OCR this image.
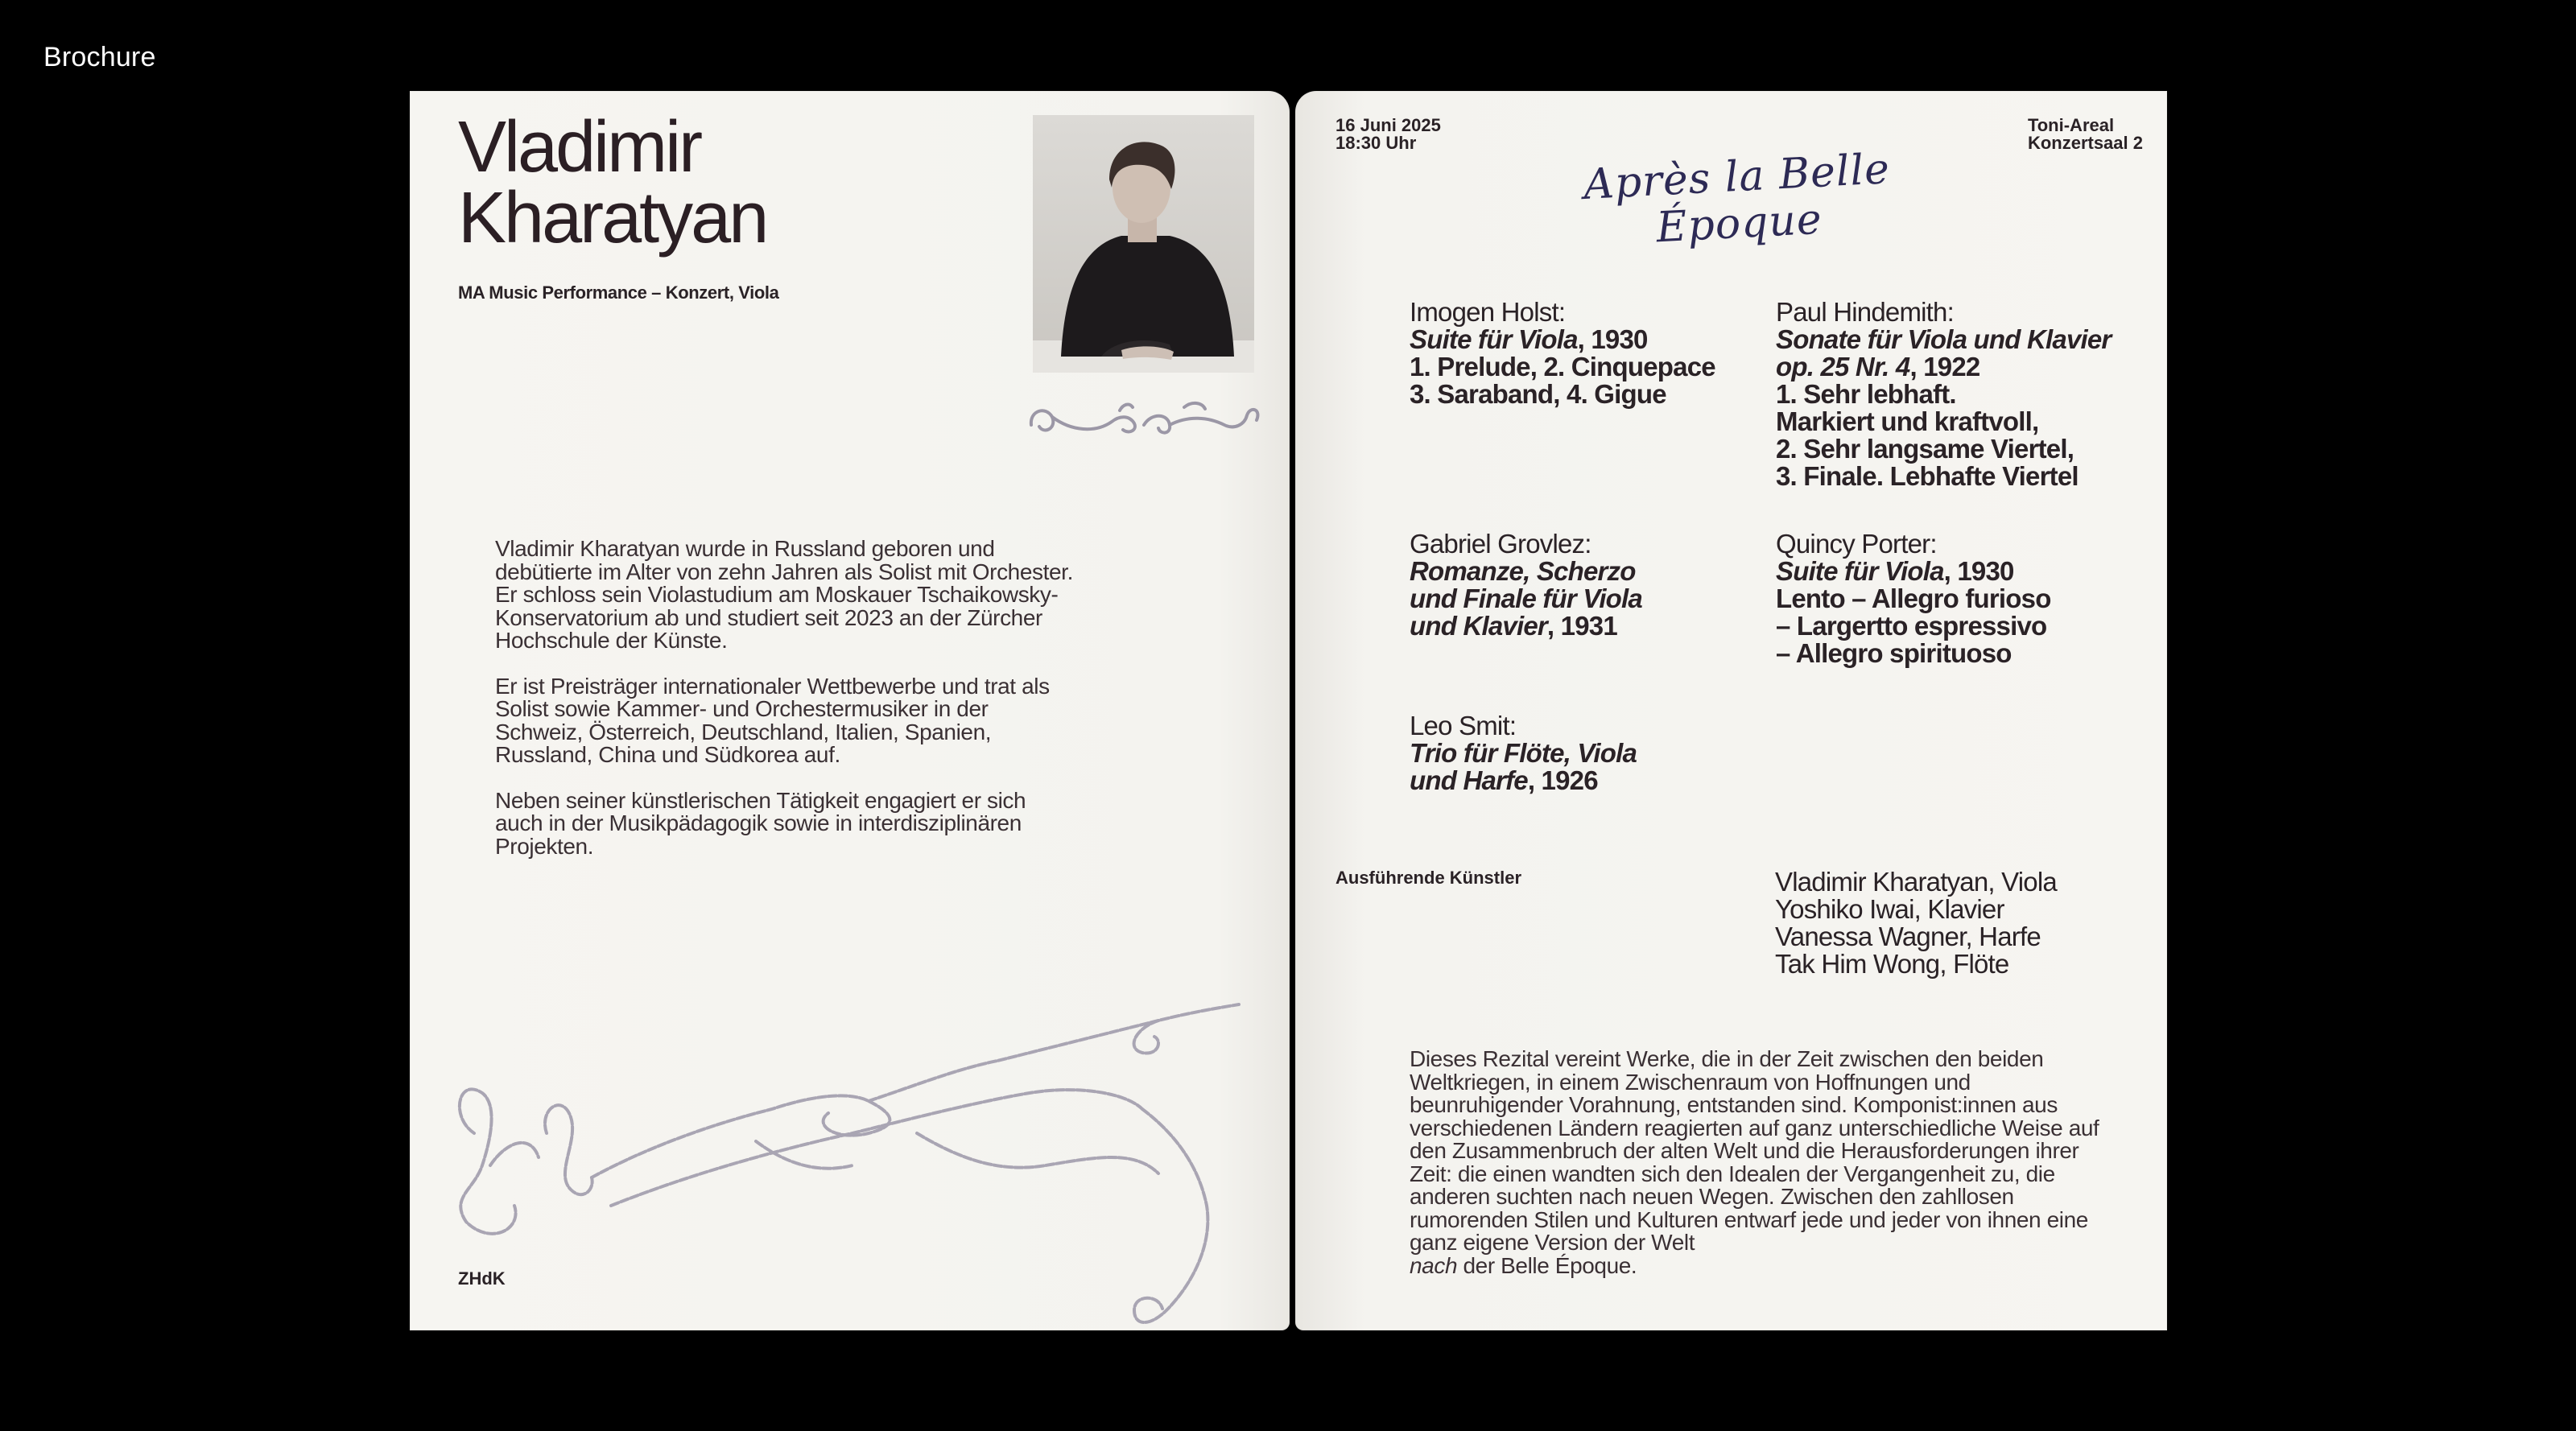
Brochure
Vladimir
Kharatyan
MA Music Performance – Konzert, Viola

Vladimir Kharatyan wurde in Russland geboren und debütierte im Alter von zehn Jahren als Solist mit Orchester. Er schloss sein Violastudium am Moskauer Tschaikowsky-Konservatorium ab und studiert seit 2023 an der Zürcher Hochschule der Künste.

Er ist Preisträger internationaler Wettbewerbe und trat als Solist sowie Kammer- und Orchestermusiker in der Schweiz, Österreich, Deutschland, Italien, Spanien, Russland, China und Südkorea auf.

Neben seiner künstlerischen Tätigkeit engagiert er sich auch in der Musikpädagogik sowie in interdisziplinären Projekten.

ZHdK
16 Juni 2025
18:30 Uhr
Toni-Areal
Konzertsaal 2
Après la Belle
Époque
Imogen Holst:
Suite für Viola, 1930
1. Prelude, 2. Cinquepace
3. Saraband, 4. Gigue
Paul Hindemith:
Sonate für Viola und Klavier op. 25 Nr. 4, 1922
1. Sehr lebhaft.
Markiert und kraftvoll,
2. Sehr langsame Viertel,
3. Finale. Lebhafte Viertel
Gabriel Grovlez:
Romanze, Scherzo und Finale für Viola und Klavier, 1931
Quincy Porter:
Suite für Viola, 1930
Lento – Allegro furioso
– Largertto espressivo
– Allegro spirituoso
Leo Smit:
Trio für Flöte, Viola und Harfe, 1926
Ausführende Künstler	Vladimir Kharatyan, Viola
Yoshiko Iwai, Klavier
Vanessa Wagner, Harfe
Tak Him Wong, Flöte
Dieses Rezital vereint Werke, die in der Zeit zwischen den beiden Weltkriegen, in einem Zwischenraum von Hoffnungen und beunruhigender Vorahnung, entstanden sind. Komponist:innen aus verschiedenen Ländern reagierten auf ganz unterschiedliche Weise auf den Zusammenbruch der alten Welt und die Herausforderungen ihrer Zeit: die einen wandten sich den Idealen der Vergangenheit zu, die anderen suchten nach neuen Wegen. Zwischen den zahllosen rumorenden Stilen und Kulturen entwarf jede und jeder von ihnen eine ganz eigene Version der Welt
nach der Belle Époque.
